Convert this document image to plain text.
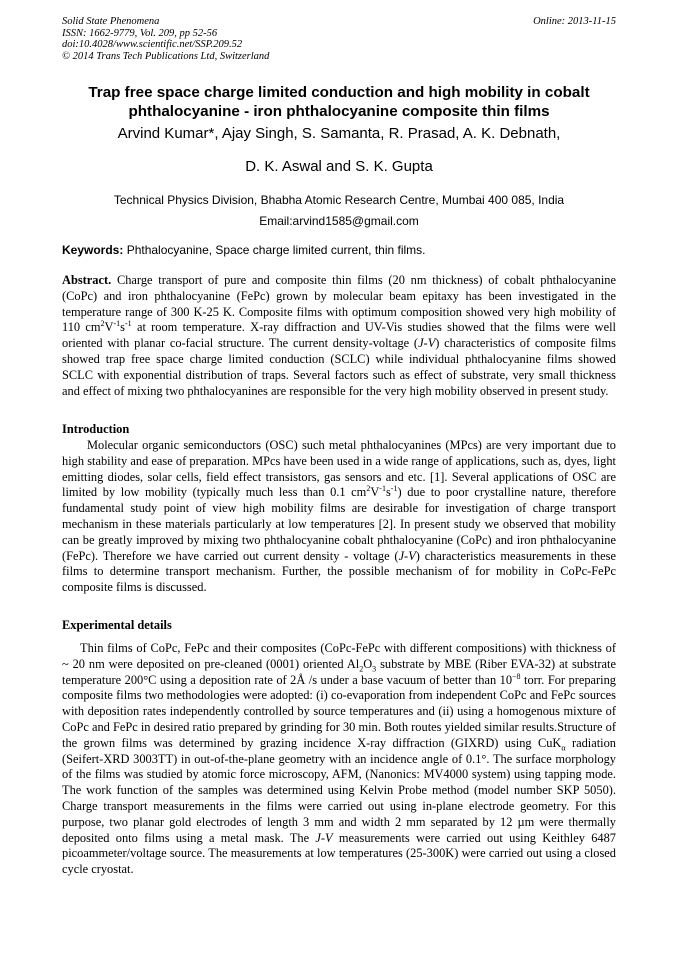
Solid State Phenomena
ISSN: 1662-9779, Vol. 209, pp 52-56
doi:10.4028/www.scientific.net/SSP.209.52
© 2014 Trans Tech Publications Ltd, Switzerland
Online: 2013-11-15
Trap free space charge limited conduction and high mobility in cobalt phthalocyanine - iron phthalocyanine composite thin films
Arvind Kumar*, Ajay Singh, S. Samanta, R. Prasad, A. K. Debnath,
D. K. Aswal and S. K. Gupta
Technical Physics Division, Bhabha Atomic Research Centre, Mumbai 400 085, India
Email:arvind1585@gmail.com
Keywords: Phthalocyanine, Space charge limited current, thin films.
Abstract. Charge transport of pure and composite thin films (20 nm thickness) of cobalt phthalocyanine (CoPc) and iron phthalocyanine (FePc) grown by molecular beam epitaxy has been investigated in the temperature range of 300 K-25 K. Composite films with optimum composition showed very high mobility of 110 $cm^2V^{-1}s^{-1}$ at room temperature. X-ray diffraction and UV-Vis studies showed that the films were well oriented with planar co-facial structure. The current density-voltage (J-V) characteristics of composite films showed trap free space charge limited conduction (SCLC) while individual phthalocyanine films showed SCLC with exponential distribution of traps. Several factors such as effect of substrate, very small thickness and effect of mixing two phthalocyanines are responsible for the very high mobility observed in present study.
Introduction
Molecular organic semiconductors (OSC) such metal phthalocyanines (MPcs) are very important due to high stability and ease of preparation. MPcs have been used in a wide range of applications, such as, dyes, light emitting diodes, solar cells, field effect transistors, gas sensors and etc. [1]. Several applications of OSC are limited by low mobility (typically much less than 0.1 $cm^2V^{-1}s^{-1}$) due to poor crystalline nature, therefore fundamental study point of view high mobility films are desirable for investigation of charge transport mechanism in these materials particularly at low temperatures [2]. In present study we observed that mobility can be greatly improved by mixing two phthalocyanine cobalt phthalocyanine (CoPc) and iron phthalocyanine (FePc). Therefore we have carried out current density - voltage (J-V) characteristics measurements in these films to determine transport mechanism. Further, the possible mechanism of for mobility in CoPc-FePc composite films is discussed.
Experimental details
Thin films of CoPc, FePc and their composites (CoPc-FePc with different compositions) with thickness of ~ 20 nm were deposited on pre-cleaned (0001) oriented $Al_2O_3$ substrate by MBE (Riber EVA-32) at substrate temperature 200°C using a deposition rate of 2Å /s under a base vacuum of better than $10^{-8}$ torr. For preparing composite films two methodologies were adopted: (i) co-evaporation from independent CoPc and FePc sources with deposition rates independently controlled by source temperatures and (ii) using a homogenous mixture of CoPc and FePc in desired ratio prepared by grinding for 30 min. Both routes yielded similar results.Structure of the grown films was determined by grazing incidence X-ray diffraction (GIXRD) using CuK$_\alpha$ radiation (Seifert-XRD 3003TT) in out-of-the-plane geometry with an incidence angle of 0.1°. The surface morphology of the films was studied by atomic force microscopy, AFM, (Nanonics: MV4000 system) using tapping mode. The work function of the samples was determined using Kelvin Probe method (model number SKP 5050). Charge transport measurements in the films were carried out using in-plane electrode geometry. For this purpose, two planar gold electrodes of length 3 mm and width 2 mm separated by 12 µm were thermally deposited onto films using a metal mask. The J-V measurements were carried out using Keithley 6487 picoammeter/voltage source. The measurements at low temperatures (25-300K) were carried out using a closed cycle cryostat.
